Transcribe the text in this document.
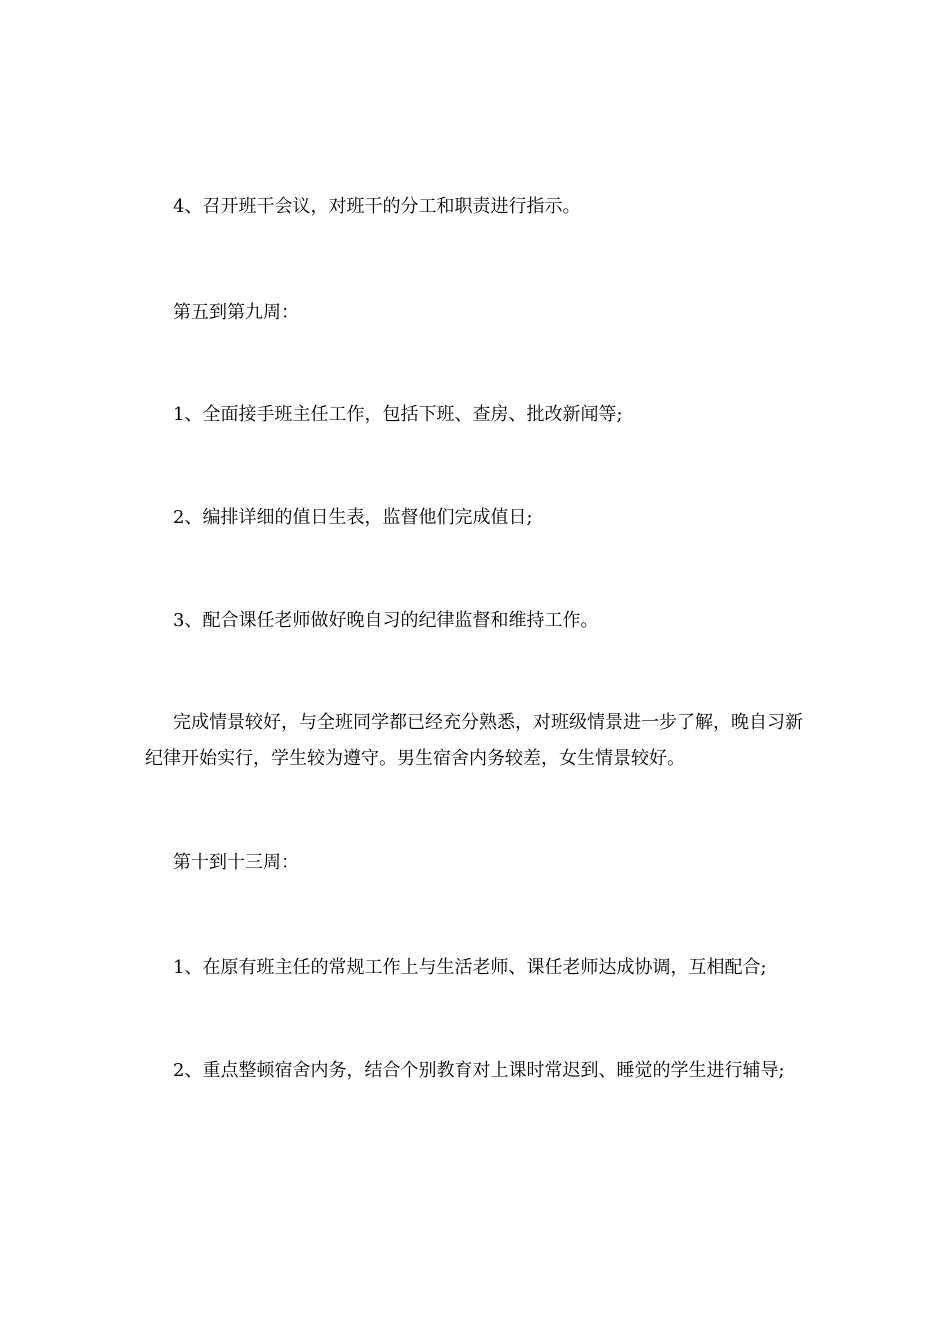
4、召开班干会议，对班干的分工和职责进行指示。

第五到第九周：

1、全面接手班主任工作，包括下班、查房、批改新闻等;

2、编排详细的值日生表，监督他们完成值日;

3、配合课任老师做好晚自习的纪律监督和维持工作。

完成情景较好，与全班同学都已经充分熟悉，对班级情景进一步了解，晚自习新纪律开始实行，学生较为遵守。男生宿舍内务较差，女生情景较好。

第十到十三周：

1、在原有班主任的常规工作上与生活老师、课任老师达成协调，互相配合;

2、重点整顿宿舍内务，结合个别教育对上课时常迟到、睡觉的学生进行辅导;
